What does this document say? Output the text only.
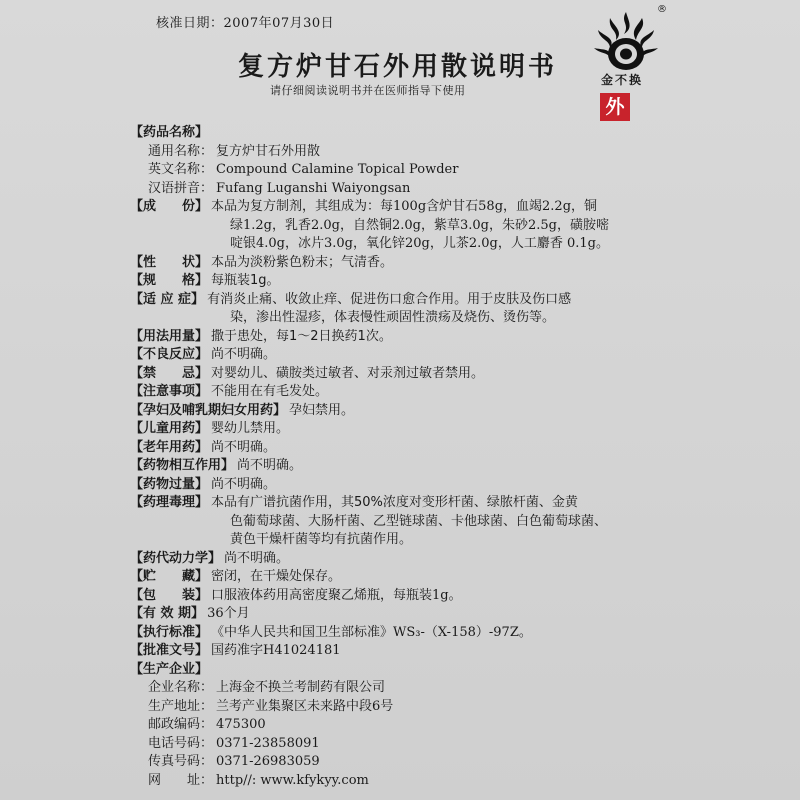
核准日期：2007年07月30日
®
金不换
复方炉甘石外用散说明书
请仔细阅读说明书并在医师指导下使用
外
【药品名称】
通用名称： 复方炉甘石外用散
英文名称： Compound Calamine Topical Powder
汉语拼音： Fufang Luganshi Waiyongsan
【成　　份】 本品为复方制剂，其组成为：每100g含炉甘石58g，血竭2.2g，铜
绿1.2g，乳香2.0g，自然铜2.0g，紫草3.0g，朱砂2.5g，磺胺嘧
啶银4.0g，冰片3.0g，氧化锌20g，儿茶2.0g，人工麝香 0.1g。
【性　　状】 本品为淡粉紫色粉末；气清香。
【规　　格】 每瓶装1g。
【适 应 症】 有消炎止痛、收敛止痒、促进伤口愈合作用。用于皮肤及伤口感
染，渗出性湿疹，体表慢性顽固性溃疡及烧伤、烫伤等。
【用法用量】 撒于患处，每1～2日换药1次。
【不良反应】 尚不明确。
【禁　　忌】 对婴幼儿、磺胺类过敏者、对汞剂过敏者禁用。
【注意事项】 不能用在有毛发处。
【孕妇及哺乳期妇女用药】 孕妇禁用。
【儿童用药】 婴幼儿禁用。
【老年用药】 尚不明确。
【药物相互作用】 尚不明确。
【药物过量】 尚不明确。
【药理毒理】 本品有广谱抗菌作用，其50%浓度对变形杆菌、绿脓杆菌、金黄
色葡萄球菌、大肠杆菌、乙型链球菌、卡他球菌、白色葡萄球菌、
黄色干燥杆菌等均有抗菌作用。
【药代动力学】 尚不明确。
【贮　　藏】 密闭，在干燥处保存。
【包　　装】 口服液体药用高密度聚乙烯瓶，每瓶装1g。
【有 效 期】 36个月
【执行标准】 《中华人民共和国卫生部标准》WS₃-（X-158）-97Z。
【批准文号】 国药准字H41024181
【生产企业】
企业名称： 上海金不换兰考制药有限公司
生产地址： 兰考产业集聚区未来路中段6号
邮政编码： 475300
电话号码： 0371-23858091
传真号码： 0371-26983059
网　　址： http//: www.kfykyy.com
